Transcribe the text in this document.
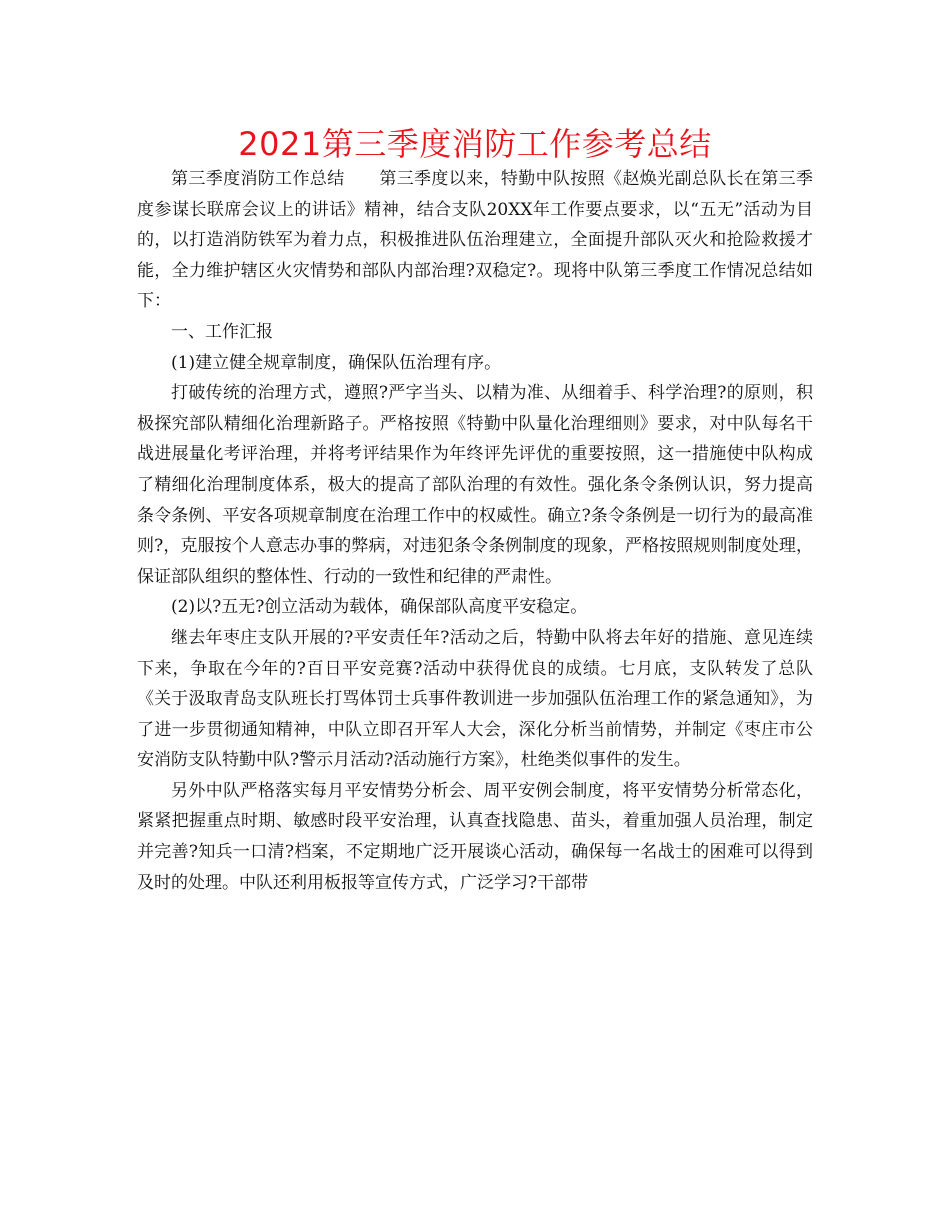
2021第三季度消防工作参考总结

第三季度消防工作总结　　第三季度以来，特勤中队按照《赵焕光副总队长在第三季度参谋长联席会议上的讲话》精神，结合支队20XX年工作要点要求，以“五无”活动为目的，以打造消防铁军为着力点，积极推进队伍治理建立，全面提升部队灭火和抢险救援才能，全力维护辖区火灾情势和部队内部治理?双稳定?。现将中队第三季度工作情况总结如下：

一、工作汇报

(1)建立健全规章制度，确保队伍治理有序。

打破传统的治理方式，遵照?严字当头、以精为准、从细着手、科学治理?的原则，积极探究部队精细化治理新路子。严格按照《特勤中队量化治理细则》要求，对中队每名干战进展量化考评治理，并将考评结果作为年终评先评优的重要按照，这一措施使中队构成了精细化治理制度体系，极大的提高了部队治理的有效性。强化条令条例认识，努力提高条令条例、平安各项规章制度在治理工作中的权威性。确立?条令条例是一切行为的最高准则?，克服按个人意志办事的弊病，对违犯条令条例制度的现象，严格按照规则制度处理，保证部队组织的整体性、行动的一致性和纪律的严肃性。

(2)以?五无?创立活动为载体，确保部队高度平安稳定。

继去年枣庄支队开展的?平安责任年?活动之后，特勤中队将去年好的措施、意见连续下来，争取在今年的?百日平安竞赛?活动中获得优良的成绩。七月底，支队转发了总队《关于汲取青岛支队班长打骂体罚士兵事件教训进一步加强队伍治理工作的紧急通知》，为了进一步贯彻通知精神，中队立即召开军人大会，深化分析当前情势，并制定《枣庄市公安消防支队特勤中队?警示月活动?活动施行方案》，杜绝类似事件的发生。

另外中队严格落实每月平安情势分析会、周平安例会制度，将平安情势分析常态化，紧紧把握重点时期、敏感时段平安治理，认真查找隐患、苗头，着重加强人员治理，制定并完善?知兵一口清?档案，不定期地广泛开展谈心活动，确保每一名战士的困难可以得到及时的处理。中队还利用板报等宣传方式，广泛学习?干部带
